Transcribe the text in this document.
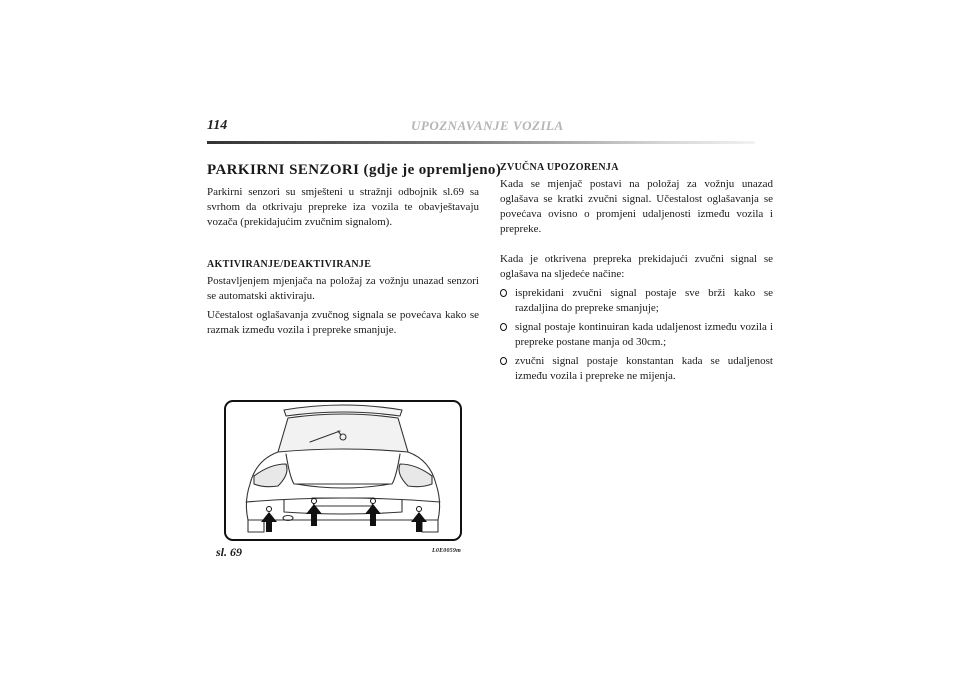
114	UPOZNAVANJE VOZILA
PARKIRNI SENZORI (gdje je opremljeno)

Parkirni senzori su smješteni u stražnji odbojnik sl.69 sa svrhom da otkrivaju prepreke iza vozila te obavještavaju vozača (prekidajućim zvučnim signalom).

AKTIVIRANJE/DEAKTIVIRANJE

Postavljenjem mjenjača na položaj za vožnju unazad senzori se automatski aktiviraju.

Učestalost oglašavanja zvučnog signala se povećava kako se razmak između vozila i prepreke smanjuje.

ZVUČNA UPOZORENJA

Kada se mjenjač postavi na položaj za vožnju unazad oglašava se kratki zvučni signal. Učestalost oglašavanja se povećava ovisno o promjeni udaljenosti između vozila i prepreke.

Kada je otkrivena prepreka prekidajući zvučni signal se oglašava na sljedeće načine:

isprekidani zvučni signal postaje sve brži kako se razdaljina do prepreke smanjuje;
signal postaje kontinuiran kada udaljenost između vozila i prepreke postane manja od 30cm.;
zvučni signal postaje konstantan kada se udaljenost između vozila i prepreke ne mijenja.
sl. 69	L0E0059m
